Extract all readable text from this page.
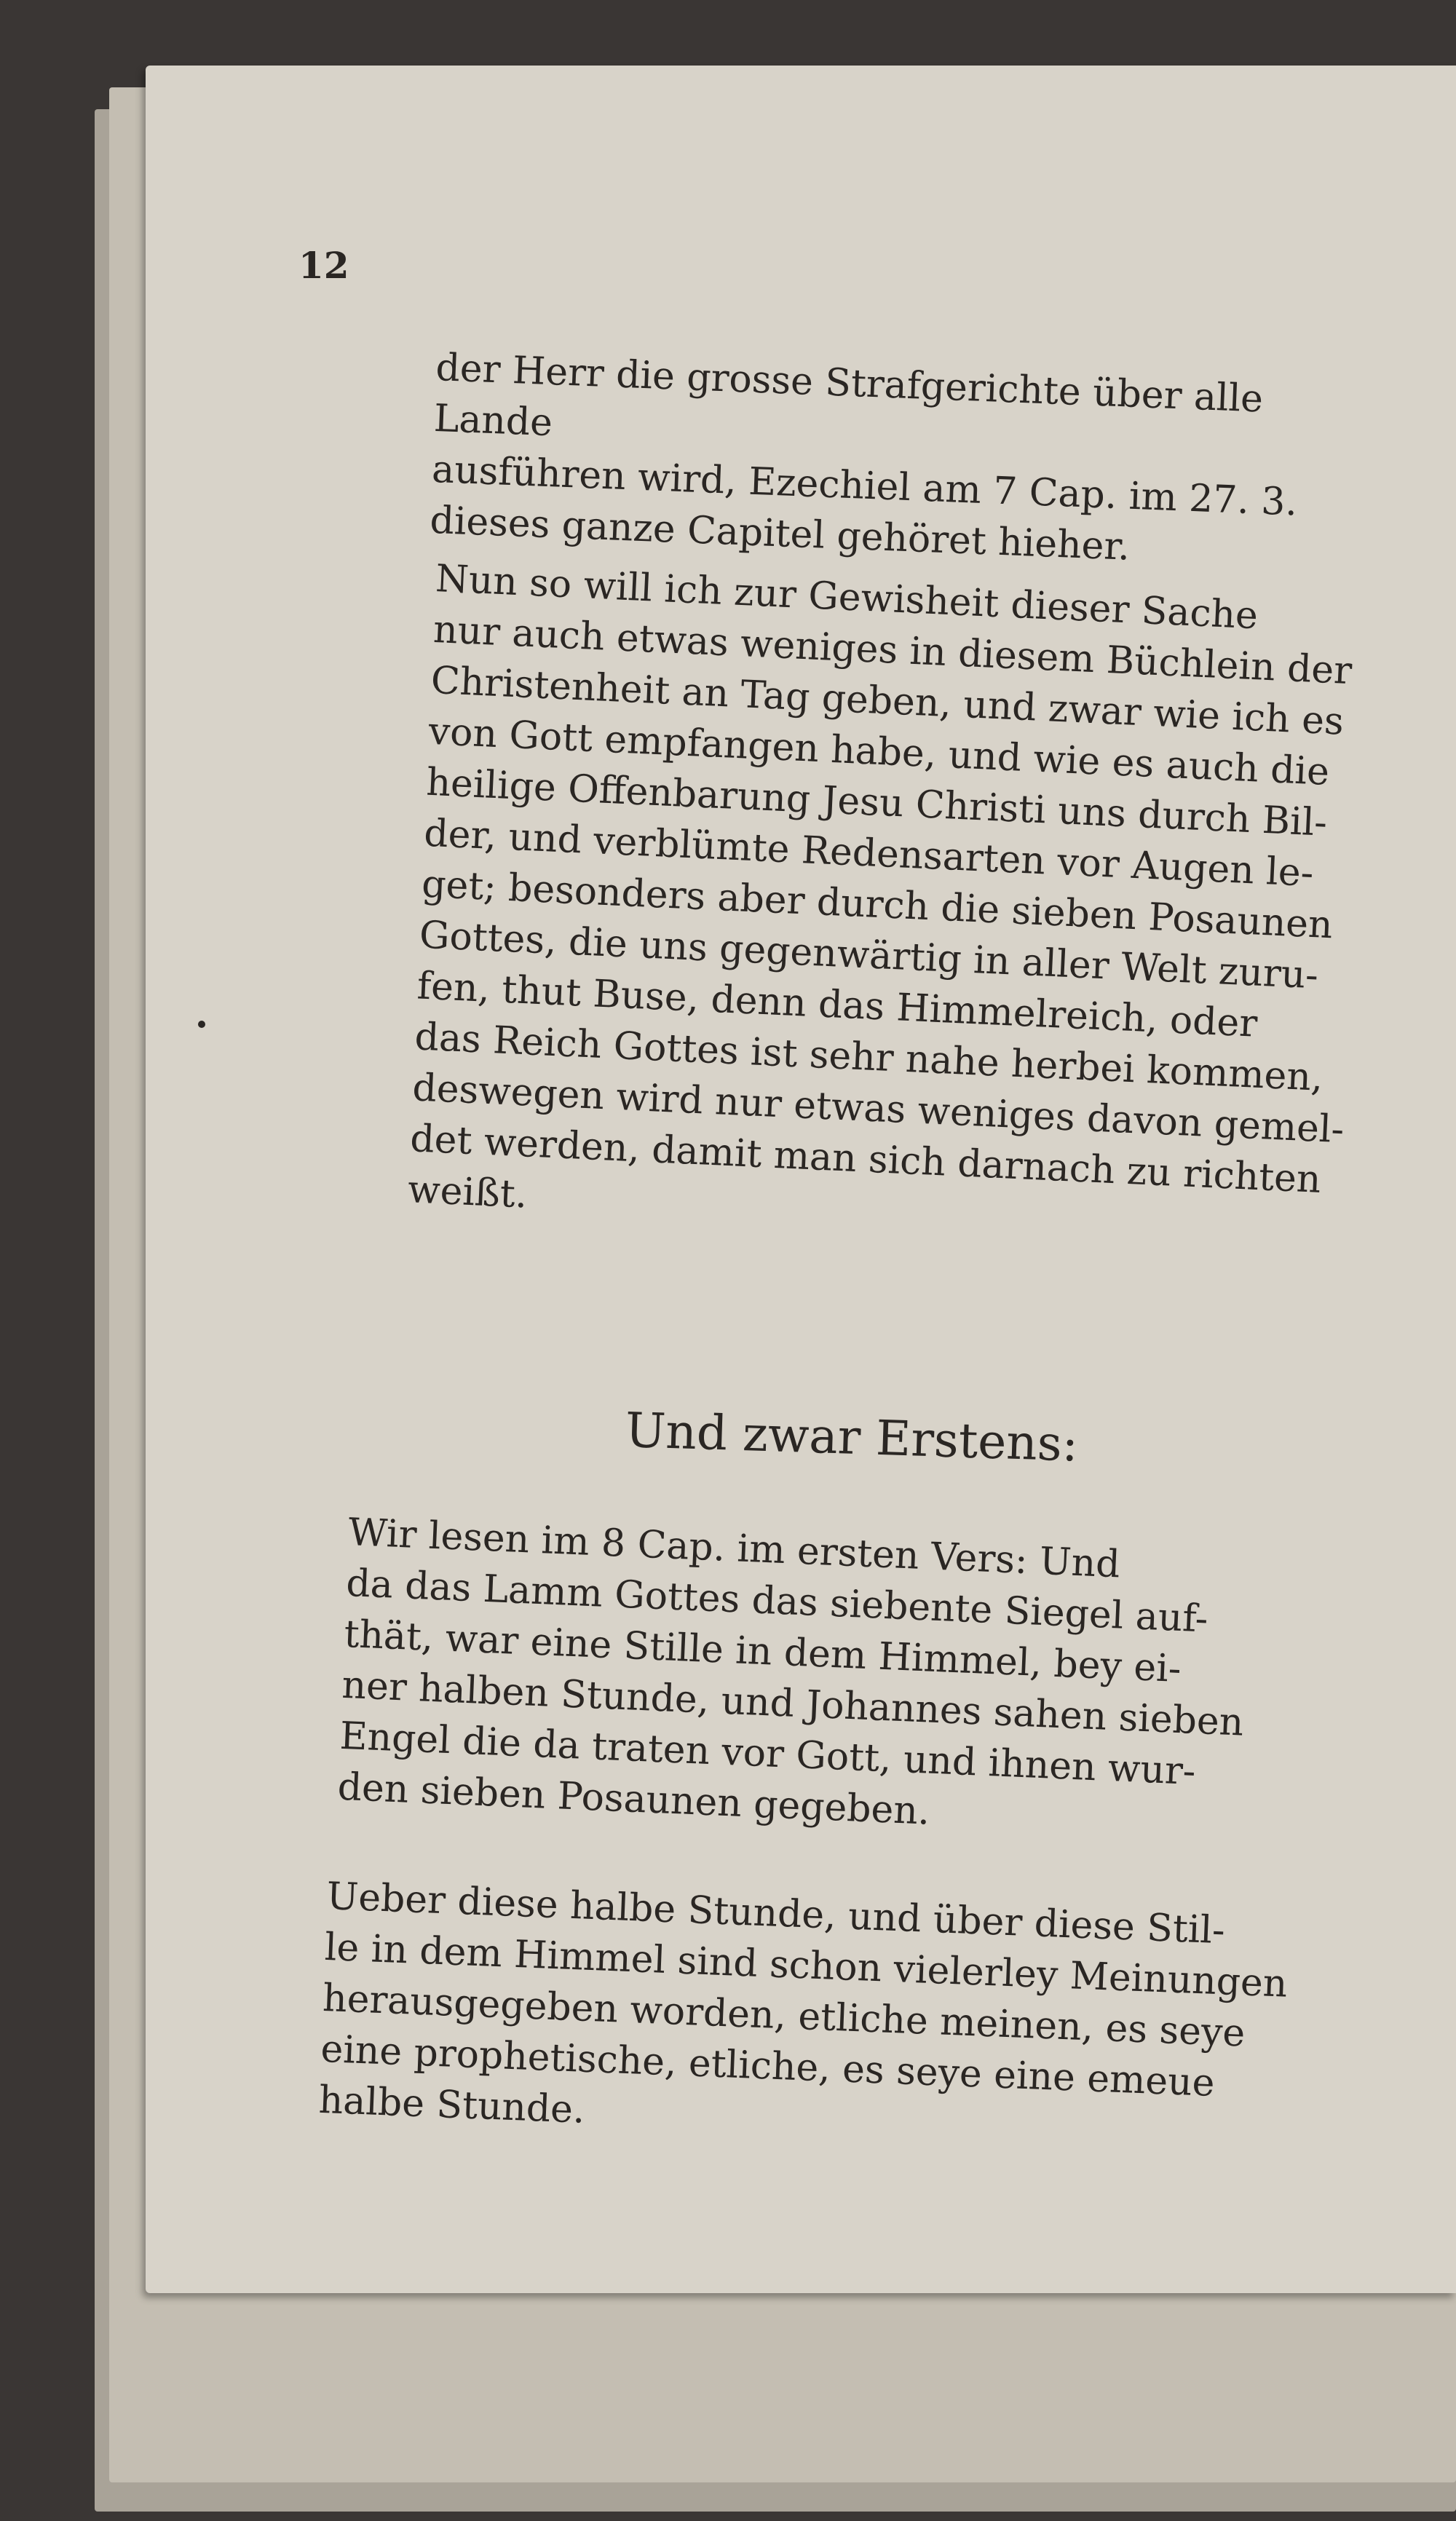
12
der Herr die grosse Strafgerichte über alle Lande
ausführen wird, Ezechiel am 7 Cap. im 27. 3.
dieses ganze Capitel gehöret hieher.
Nun so will ich zur Gewisheit dieser Sache
nur auch etwas weniges in diesem Büchlein der
Christenheit an Tag geben, und zwar wie ich es
von Gott empfangen habe, und wie es auch die
heilige Offenbarung Jesu Christi uns durch Bil-
der, und verblümte Redensarten vor Augen le-
get; besonders aber durch die sieben Posaunen
Gottes, die uns gegenwärtig in aller Welt zuru-
fen, thut Buse, denn das Himmelreich, oder
das Reich Gottes ist sehr nahe herbei kommen,
deswegen wird nur etwas weniges davon gemel-
det werden, damit man sich darnach zu richten
weißt.
Und zwar Erstens:
Wir lesen im 8 Cap. im ersten Vers: Und
da das Lamm Gottes das siebente Siegel auf-
thät, war eine Stille in dem Himmel, bey ei-
ner halben Stunde, und Johannes sahen sieben
Engel die da traten vor Gott, und ihnen wur-
den sieben Posaunen gegeben.
Ueber diese halbe Stunde, und über diese Stil-
le in dem Himmel sind schon vielerley Meinungen
herausgegeben worden, etliche meinen, es seye
eine prophetische, etliche, es seye eine emeue
halbe Stunde.
